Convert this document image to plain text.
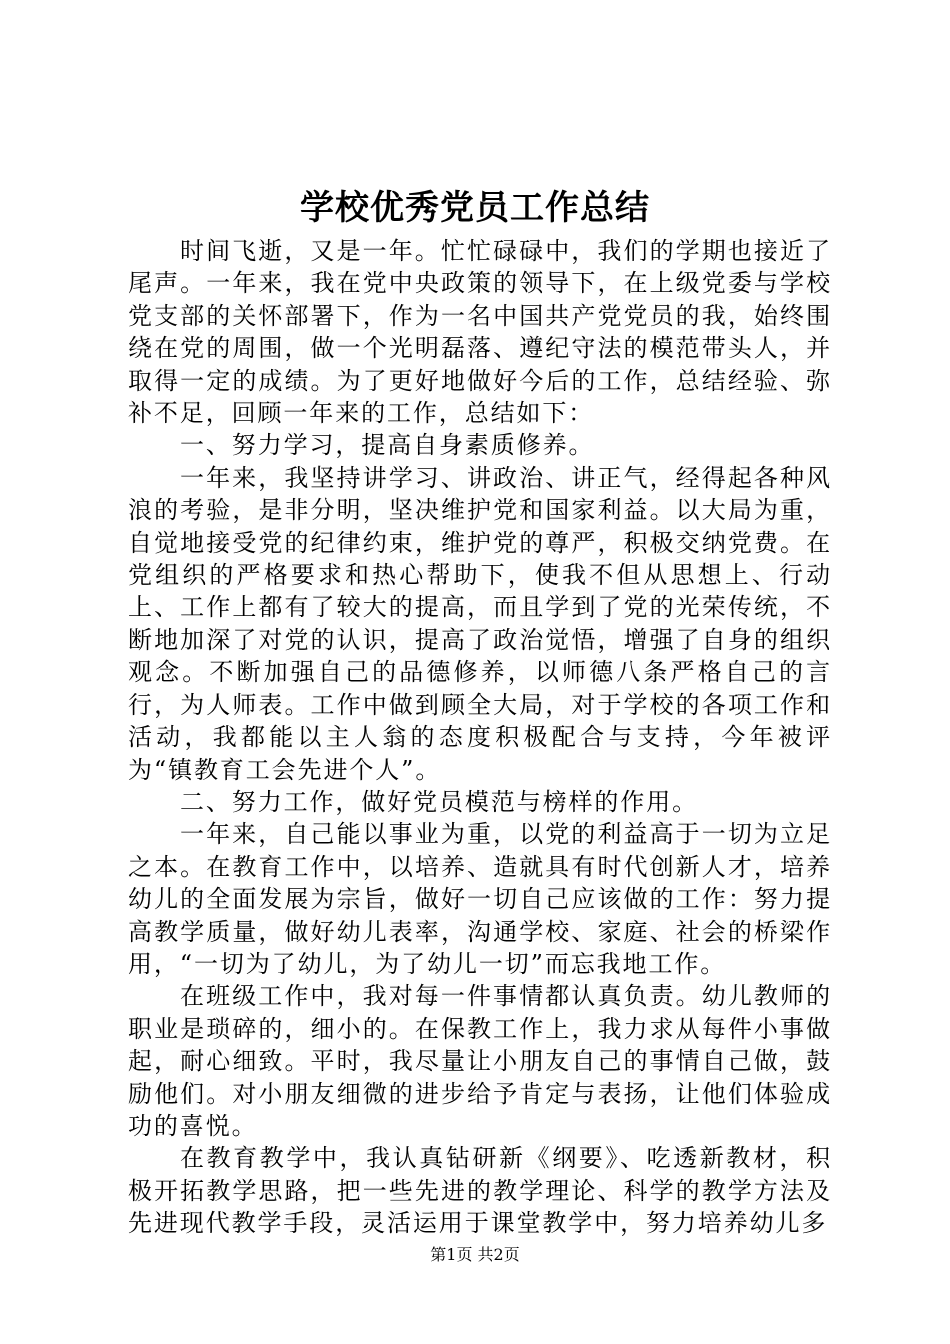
学校优秀党员工作总结

时间飞逝，又是一年。忙忙碌碌中，我们的学期也接近了尾声。一年来，我在党中央政策的领导下，在上级党委与学校党支部的关怀部署下，作为一名中国共产党党员的我，始终围绕在党的周围，做一个光明磊落、遵纪守法的模范带头人，并取得一定的成绩。为了更好地做好今后的工作，总结经验、弥补不足，回顾一年来的工作，总结如下：

一、努力学习，提高自身素质修养。

一年来，我坚持讲学习、讲政治、讲正气，经得起各种风浪的考验，是非分明，坚决维护党和国家利益。以大局为重，自觉地接受党的纪律约束，维护党的尊严，积极交纳党费。在党组织的严格要求和热心帮助下，使我不但从思想上、行动上、工作上都有了较大的提高，而且学到了党的光荣传统，不断地加深了对党的认识，提高了政治觉悟，增强了自身的组织观念。不断加强自己的品德修养，以师德八条严格自己的言行，为人师表。工作中做到顾全大局，对于学校的各项工作和活动，我都能以主人翁的态度积极配合与支持，今年被评为“镇教育工会先进个人”。

二、努力工作，做好党员模范与榜样的作用。

一年来，自己能以事业为重，以党的利益高于一切为立足之本。在教育工作中，以培养、造就具有时代创新人才，培养幼儿的全面发展为宗旨，做好一切自己应该做的工作：努力提高教学质量，做好幼儿表率，沟通学校、家庭、社会的桥梁作用，“一切为了幼儿，为了幼儿一切”而忘我地工作。

在班级工作中，我对每一件事情都认真负责。幼儿教师的职业是琐碎的，细小的。在保教工作上，我力求从每件小事做起，耐心细致。平时，我尽量让小朋友自己的事情自己做，鼓励他们。对小朋友细微的进步给予肯定与表扬，让他们体验成功的喜悦。

在教育教学中，我认真钻研新《纲要》、吃透新教材，积极开拓教学思路，把一些先进的教学理论、科学的教学方法及先进现代教学手段，灵活运用于课堂教学中，努力培养幼儿多

第1页 共2页
